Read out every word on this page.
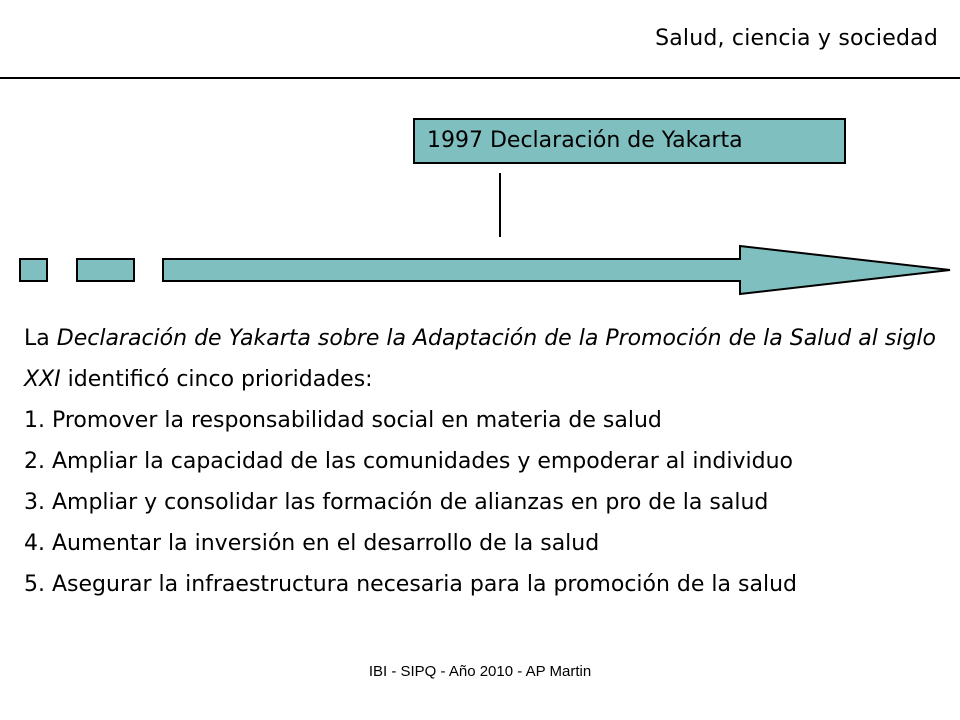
Salud, ciencia y sociedad
1997 Declaración de Yakarta

La Declaración de Yakarta sobre la Adaptación de la Promoción de la Salud al siglo XXI identificó cinco prioridades:

1. Promover la responsabilidad social en materia de salud

2. Ampliar la capacidad de las comunidades y empoderar al individuo

3. Ampliar y consolidar las formación de alianzas en pro de la salud

4. Aumentar la inversión en el desarrollo de la salud

5. Asegurar la infraestructura necesaria para la promoción de la salud

IBI - SIPQ - Año 2010 - AP Martin
